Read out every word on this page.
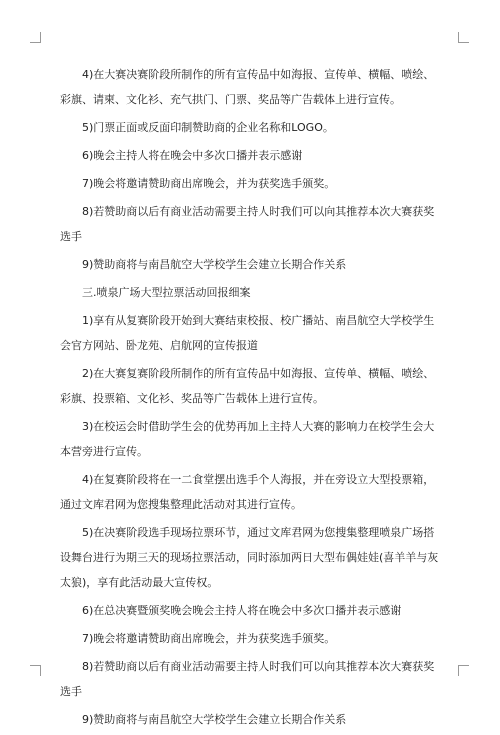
4)在大赛决赛阶段所制作的所有宣传品中如海报、宣传单、横幅、喷绘、彩旗、请柬、文化衫、充气拱门、门票、奖品等广告载体上进行宣传。

5)门票正面或反面印制赞助商的企业名称和LOGO。

6)晚会主持人将在晚会中多次口播并表示感谢

7)晚会将邀请赞助商出席晚会，并为获奖选手颁奖。

8)若赞助商以后有商业活动需要主持人时我们可以向其推荐本次大赛获奖选手

9)赞助商将与南昌航空大学校学生会建立长期合作关系

三.喷泉广场大型拉票活动回报细案

1)享有从复赛阶段开始到大赛结束校报、校广播站、南昌航空大学校学生会官方网站、卧龙苑、启航网的宣传报道

2)在大赛复赛阶段所制作的所有宣传品中如海报、宣传单、横幅、喷绘、彩旗、投票箱、文化衫、奖品等广告载体上进行宣传。

3)在校运会时借助学生会的优势再加上主持人大赛的影响力在校学生会大本营旁进行宣传。

4)在复赛阶段将在一二食堂摆出选手个人海报，并在旁设立大型投票箱，通过文库君网为您搜集整理此活动对其进行宣传。

5)在决赛阶段选手现场拉票环节，通过文库君网为您搜集整理喷泉广场搭设舞台进行为期三天的现场拉票活动，同时添加两日大型布偶娃娃(喜羊羊与灰太狼)，享有此活动最大宣传权。

6)在总决赛暨颁奖晚会晚会主持人将在晚会中多次口播并表示感谢

7)晚会将邀请赞助商出席晚会，并为获奖选手颁奖。

8)若赞助商以后有商业活动需要主持人时我们可以向其推荐本次大赛获奖选手

9)赞助商将与南昌航空大学校学生会建立长期合作关系
